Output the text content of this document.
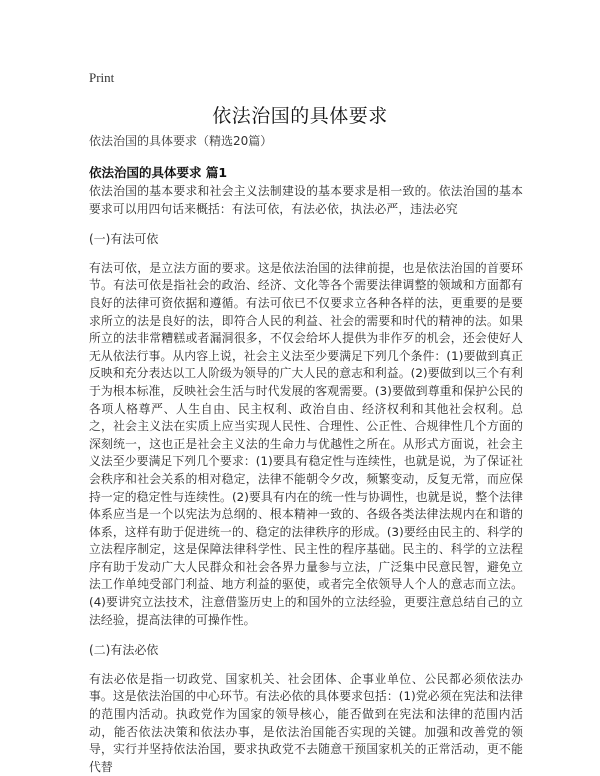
Print
依法治国的具体要求
依法治国的具体要求（精选20篇）
依法治国的具体要求 篇1

依法治国的基本要求和社会主义法制建设的基本要求是相一致的。依法治国的基本要求可以用四句话来概括：有法可依，有法必依，执法必严，违法必究

(一)有法可依

有法可依，是立法方面的要求。这是依法治国的法律前提，也是依法治国的首要环节。有法可依是指社会的政治、经济、文化等各个需要法律调整的领域和方面都有良好的法律可资依据和遵循。有法可依已不仅要求立各种各样的法，更重要的是要求所立的法是良好的法，即符合人民的利益、社会的需要和时代的精神的法。如果所立的法非常糟糕或者漏洞很多，不仅会给坏人提供为非作歹的机会，还会使好人无从依法行事。从内容上说，社会主义法至少要满足下列几个条件：(1)要做到真正反映和充分表达以工人阶级为领导的广大人民的意志和利益。(2)要做到以三个有利于为根本标准，反映社会生活与时代发展的客观需要。(3)要做到尊重和保护公民的各项人格尊严、人生自由、民主权利、政治自由、经济权利和其他社会权利。总之，社会主义法在实质上应当实现人民性、合理性、公正性、合规律性几个方面的深刻统一，这也正是社会主义法的生命力与优越性之所在。从形式方面说，社会主义法至少要满足下列几个要求：(1)要具有稳定性与连续性，也就是说，为了保证社会秩序和社会关系的相对稳定，法律不能朝令夕改，频繁变动，反复无常，而应保持一定的稳定性与连续性。(2)要具有内在的统一性与协调性，也就是说，整个法律体系应当是一个以宪法为总纲的、根本精神一致的、各级各类法律法规内在和谐的体系，这样有助于促进统一的、稳定的法律秩序的形成。(3)要经由民主的、科学的立法程序制定，这是保障法律科学性、民主性的程序基础。民主的、科学的立法程序有助于发动广大人民群众和社会各界力量参与立法，广泛集中民意民智，避免立法工作单纯受部门利益、地方利益的驱使，或者完全依领导人个人的意志而立法。(4)要讲究立法技术，注意借鉴历史上的和国外的立法经验，更要注意总结自己的立法经验，提高法律的可操作性。

(二)有法必依

有法必依是指一切政党、国家机关、社会团体、企事业单位、公民都必须依法办事。这是依法治国的中心环节。有法必依的具体要求包括：(1)党必须在宪法和法律的范围内活动。执政党作为国家的领导核心，能否做到在宪法和法律的范围内活动，能否依法决策和依法办事，是依法治国能否实现的关键。加强和改善党的领导，实行并坚持依法治国，要求执政党不去随意干预国家机关的正常活动，更不能代替
